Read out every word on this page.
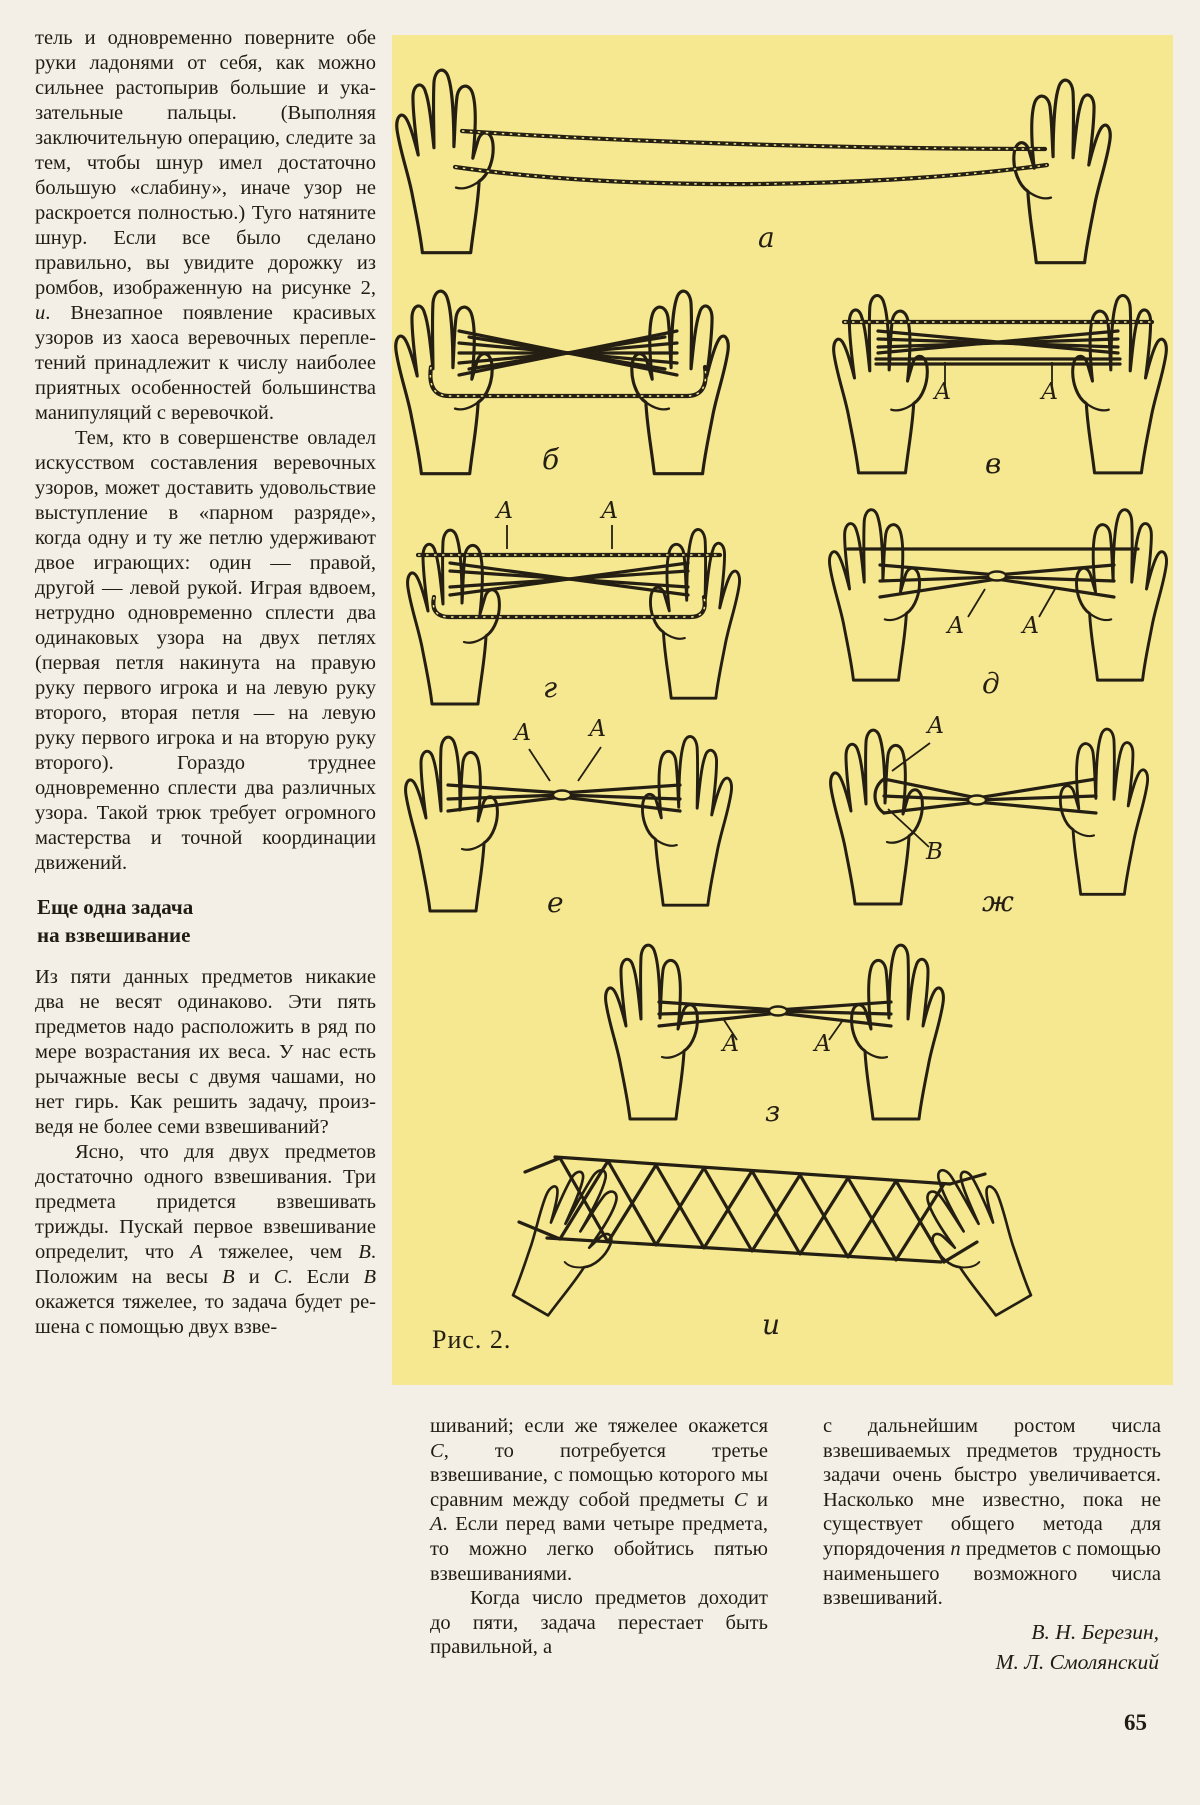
тель и одновременно поверните обе руки ладонями от себя, как можно сильнее растопырив большие и указательные пальцы. (Выполняя заключительную операцию, следите за тем, чтобы шнур имел достаточно большую «слабину», иначе узор не раскроется полностью.) Туго натяните шнур. Если все было сделано правильно, вы увидите дорожку из ромбов, изображенную на рисунке 2, и. Внезапное появление красивых узоров из хаоса веревочных переплетений принадлежит к числу наиболее приятных особенностей большинства манипуляций с веревочкой.

Тем, кто в совершенстве овладел искусством составления веревочных узоров, может доставить удовольствие выступление в «парном разряде», когда одну и ту же петлю удерживают двое играющих: один — правой, другой — левой рукой. Играя вдвоем, нетрудно одновременно сплести два одинаковых узора на двух петлях (первая петля накинута на правую руку первого игрока и на левую руку второго, вторая петля — на левую руку первого игрока и на вторую руку второго). Гораздо труднее одновременно сплести два различных узора. Такой трюк требует огромного мастерства и точной координации движений.

Еще одна задача
на взвешивание

Из пяти данных предметов никакие два не весят одинаково. Эти пять предметов надо расположить в ряд по мере возрастания их веса. У нас есть рычажные весы с двумя чашами, но нет гирь. Как решить задачу, произведя не более семи взвешиваний?

Ясно, что для двух предметов достаточно одного взвешивания. Три предмета придется взвешивать трижды. Пускай первое взвешивание определит, что А тяжелее, чем В. Положим на весы В и С. Если В окажется тяжелее, то задача будет решена с помощью двух взве-

а
б	в
г	д
е	ж
з
и
А	А
А	А
А	А
А	А	А
В
А	А
Рис. 2.

шиваний; если же тяжелее окажется С, то потребуется третье взвешивание, с помощью которого мы сравним между собой предметы С и А. Если перед вами четыре предмета, то можно легко обойтись пятью взвешиваниями.

Когда число предметов доходит до пяти, задача перестает быть правильной, а

с дальнейшим ростом числа взвешиваемых предметов трудность задачи очень быстро увеличивается. Насколько мне известно, пока не существует общего метода для упорядочения n предметов с помощью наименьшего возможного числа взвешиваний.

В. Н. Березин,
М. Л. Смолянский
65
